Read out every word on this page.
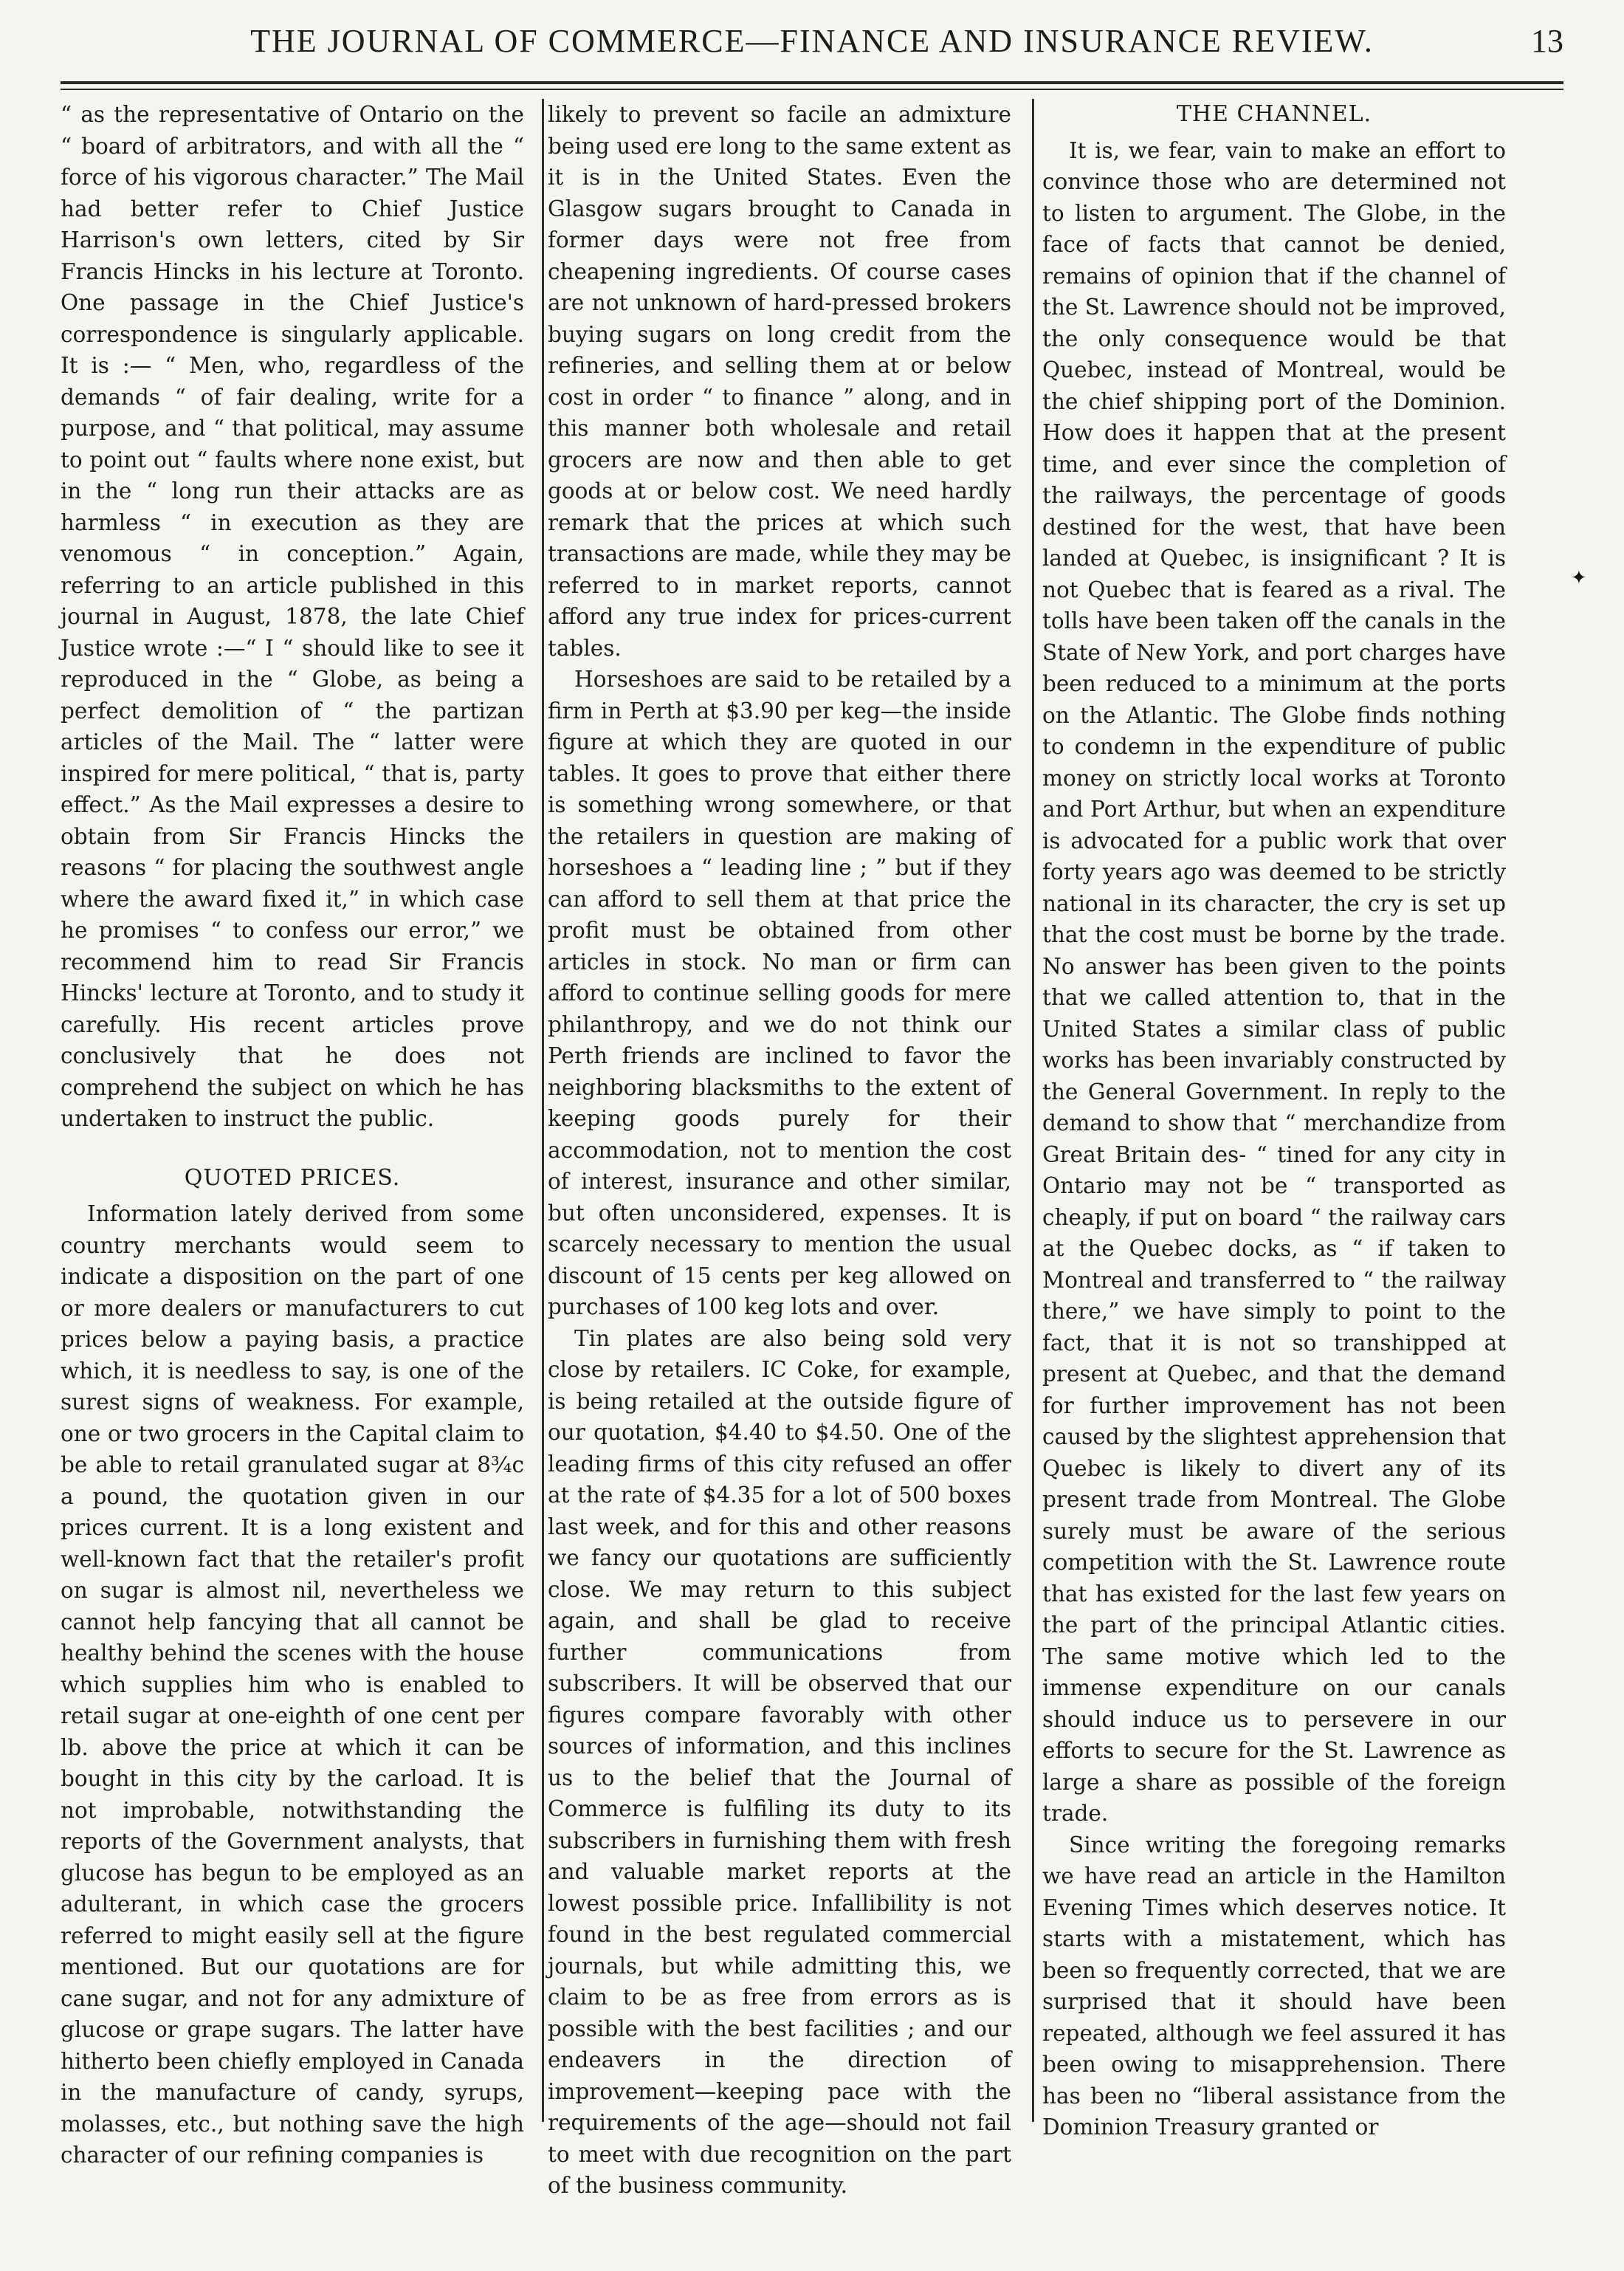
THE JOURNAL OF COMMERCE—FINANCE AND INSURANCE REVIEW.	13

“ as the representative of Ontario on the “ board of arbitrators, and with all the “ force of his vigorous character.” The Mail had better refer to Chief Justice Harrison's own letters, cited by Sir Francis Hincks in his lecture at Toronto. One passage in the Chief Justice's correspondence is singularly applicable. It is :— “ Men, who, regardless of the demands “ of fair dealing, write for a purpose, and “ that political, may assume to point out “ faults where none exist, but in the “ long run their attacks are as harmless “ in execution as they are venomous “ in conception.” Again, referring to an article published in this journal in August, 1878, the late Chief Justice wrote :—“ I “ should like to see it reproduced in the “ Globe, as being a perfect demolition of “ the partizan articles of the Mail. The “ latter were inspired for mere political, “ that is, party effect.” As the Mail expresses a desire to obtain from Sir Francis Hincks the reasons “ for placing the southwest angle where the award fixed it,” in which case he promises “ to confess our error,” we recommend him to read Sir Francis Hincks' lecture at Toronto, and to study it carefully. His recent articles prove conclusively that he does not comprehend the subject on which he has undertaken to instruct the public.

QUOTED PRICES.

Information lately derived from some country merchants would seem to indicate a disposition on the part of one or more dealers or manufacturers to cut prices below a paying basis, a practice which, it is needless to say, is one of the surest signs of weakness. For example, one or two grocers in the Capital claim to be able to retail granulated sugar at 8¾c a pound, the quotation given in our prices current. It is a long existent and well-known fact that the retailer's profit on sugar is almost nil, nevertheless we cannot help fancying that all cannot be healthy behind the scenes with the house which supplies him who is enabled to retail sugar at one-eighth of one cent per lb. above the price at which it can be bought in this city by the carload. It is not improbable, notwithstanding the reports of the Government analysts, that glucose has begun to be employed as an adulterant, in which case the grocers referred to might easily sell at the figure mentioned. But our quotations are for cane sugar, and not for any admixture of glucose or grape sugars. The latter have hitherto been chiefly employed in Canada in the manufacture of candy, syrups, molasses, etc., but nothing save the high character of our refining companies is

likely to prevent so facile an admixture being used ere long to the same extent as it is in the United States. Even the Glasgow sugars brought to Canada in former days were not free from cheapening ingredients. Of course cases are not unknown of hard-pressed brokers buying sugars on long credit from the refineries, and selling them at or below cost in order “ to finance ” along, and in this manner both wholesale and retail grocers are now and then able to get goods at or below cost. We need hardly remark that the prices at which such transactions are made, while they may be referred to in market reports, cannot afford any true index for prices-current tables.

Horseshoes are said to be retailed by a firm in Perth at $3.90 per keg—the inside figure at which they are quoted in our tables. It goes to prove that either there is something wrong somewhere, or that the retailers in question are making of horseshoes a “ leading line ; ” but if they can afford to sell them at that price the profit must be obtained from other articles in stock. No man or firm can afford to continue selling goods for mere philanthropy, and we do not think our Perth friends are inclined to favor the neighboring blacksmiths to the extent of keeping goods purely for their accommodation, not to mention the cost of interest, insurance and other similar, but often unconsidered, expenses. It is scarcely necessary to mention the usual discount of 15 cents per keg allowed on purchases of 100 keg lots and over.

Tin plates are also being sold very close by retailers. IC Coke, for example, is being retailed at the outside figure of our quotation, $4.40 to $4.50. One of the leading firms of this city refused an offer at the rate of $4.35 for a lot of 500 boxes last week, and for this and other reasons we fancy our quotations are sufficiently close. We may return to this subject again, and shall be glad to receive further communications from subscribers. It will be observed that our figures compare favorably with other sources of information, and this inclines us to the belief that the Journal of Commerce is fulfiling its duty to its subscribers in furnishing them with fresh and valuable market reports at the lowest possible price. Infallibility is not found in the best regulated commercial journals, but while admitting this, we claim to be as free from errors as is possible with the best facilities ; and our endeavers in the direction of improvement—keeping pace with the requirements of the age—should not fail to meet with due recognition on the part of the business community.

THE CHANNEL.

It is, we fear, vain to make an effort to convince those who are determined not to listen to argument. The Globe, in the face of facts that cannot be denied, remains of opinion that if the channel of the St. Lawrence should not be improved, the only consequence would be that Quebec, instead of Montreal, would be the chief shipping port of the Dominion. How does it happen that at the present time, and ever since the completion of the railways, the percentage of goods destined for the west, that have been landed at Quebec, is insignificant ? It is not Quebec that is feared as a rival. The tolls have been taken off the canals in the State of New York, and port charges have been reduced to a minimum at the ports on the Atlantic. The Globe finds nothing to condemn in the expenditure of public money on strictly local works at Toronto and Port Arthur, but when an expenditure is advocated for a public work that over forty years ago was deemed to be strictly national in its character, the cry is set up that the cost must be borne by the trade. No answer has been given to the points that we called attention to, that in the United States a similar class of public works has been invariably constructed by the General Government. In reply to the demand to show that “ merchandize from Great Britain des- “ tined for any city in Ontario may not be “ transported as cheaply, if put on board “ the railway cars at the Quebec docks, as “ if taken to Montreal and transferred to “ the railway there,” we have simply to point to the fact, that it is not so transhipped at present at Quebec, and that the demand for further improvement has not been caused by the slightest apprehension that Quebec is likely to divert any of its present trade from Montreal. The Globe surely must be aware of the serious competition with the St. Lawrence route that has existed for the last few years on the part of the principal Atlantic cities. The same motive which led to the immense expenditure on our canals should induce us to persevere in our efforts to secure for the St. Lawrence as large a share as possible of the foreign trade.

Since writing the foregoing remarks we have read an article in the Hamilton Evening Times which deserves notice. It starts with a mistatement, which has been so frequently corrected, that we are surprised that it should have been repeated, although we feel assured it has been owing to misapprehension. There has been no “liberal assistance from the Dominion Treasury granted or

✦
